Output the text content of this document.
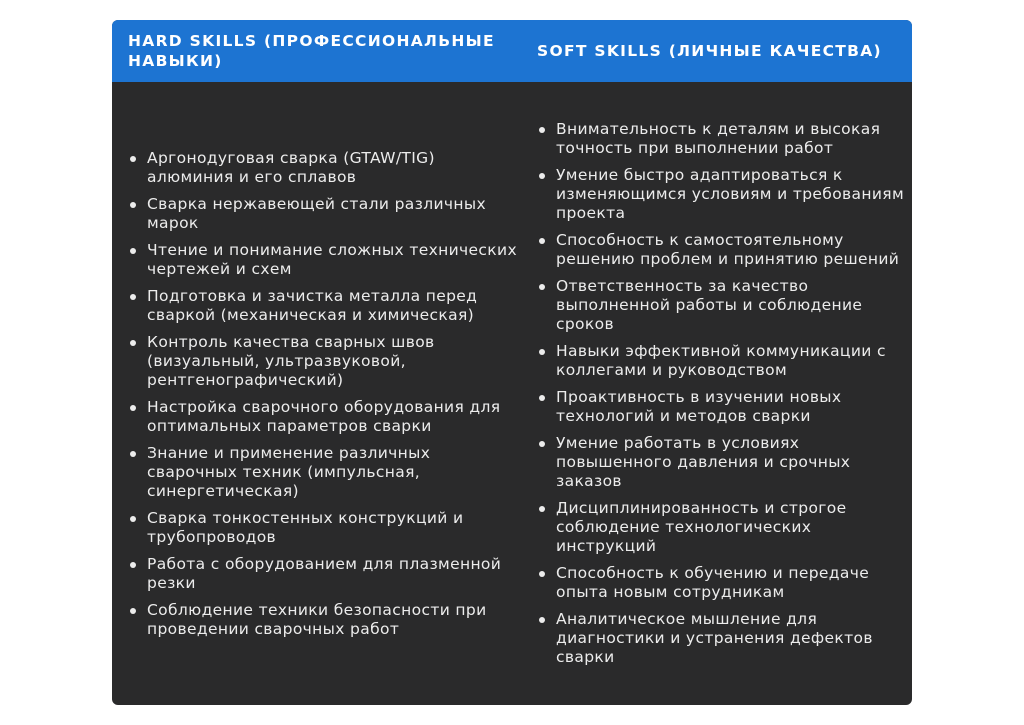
HARD SKILLS (ПРОФЕССИОНАЛЬНЫЕ НАВЫКИ)
SOFT SKILLS (ЛИЧНЫЕ КАЧЕСТВА)
Аргонодуговая сварка (GTAW/TIG) алюминия и его сплавов
Сварка нержавеющей стали различных марок
Чтение и понимание сложных технических чертежей и схем
Подготовка и зачистка металла перед сваркой (механическая и химическая)
Контроль качества сварных швов (визуальный, ультразвуковой, рентгенографический)
Настройка сварочного оборудования для оптимальных параметров сварки
Знание и применение различных сварочных техник (импульсная, синергетическая)
Сварка тонкостенных конструкций и трубопроводов
Работа с оборудованием для плазменной резки
Соблюдение техники безопасности при проведении сварочных работ
Внимательность к деталям и высокая точность при выполнении работ
Умение быстро адаптироваться к изменяющимся условиям и требованиям проекта
Способность к самостоятельному решению проблем и принятию решений
Ответственность за качество выполненной работы и соблюдение сроков
Навыки эффективной коммуникации с коллегами и руководством
Проактивность в изучении новых технологий и методов сварки
Умение работать в условиях повышенного давления и срочных заказов
Дисциплинированность и строгое соблюдение технологических инструкций
Способность к обучению и передаче опыта новым сотрудникам
Аналитическое мышление для диагностики и устранения дефектов сварки
